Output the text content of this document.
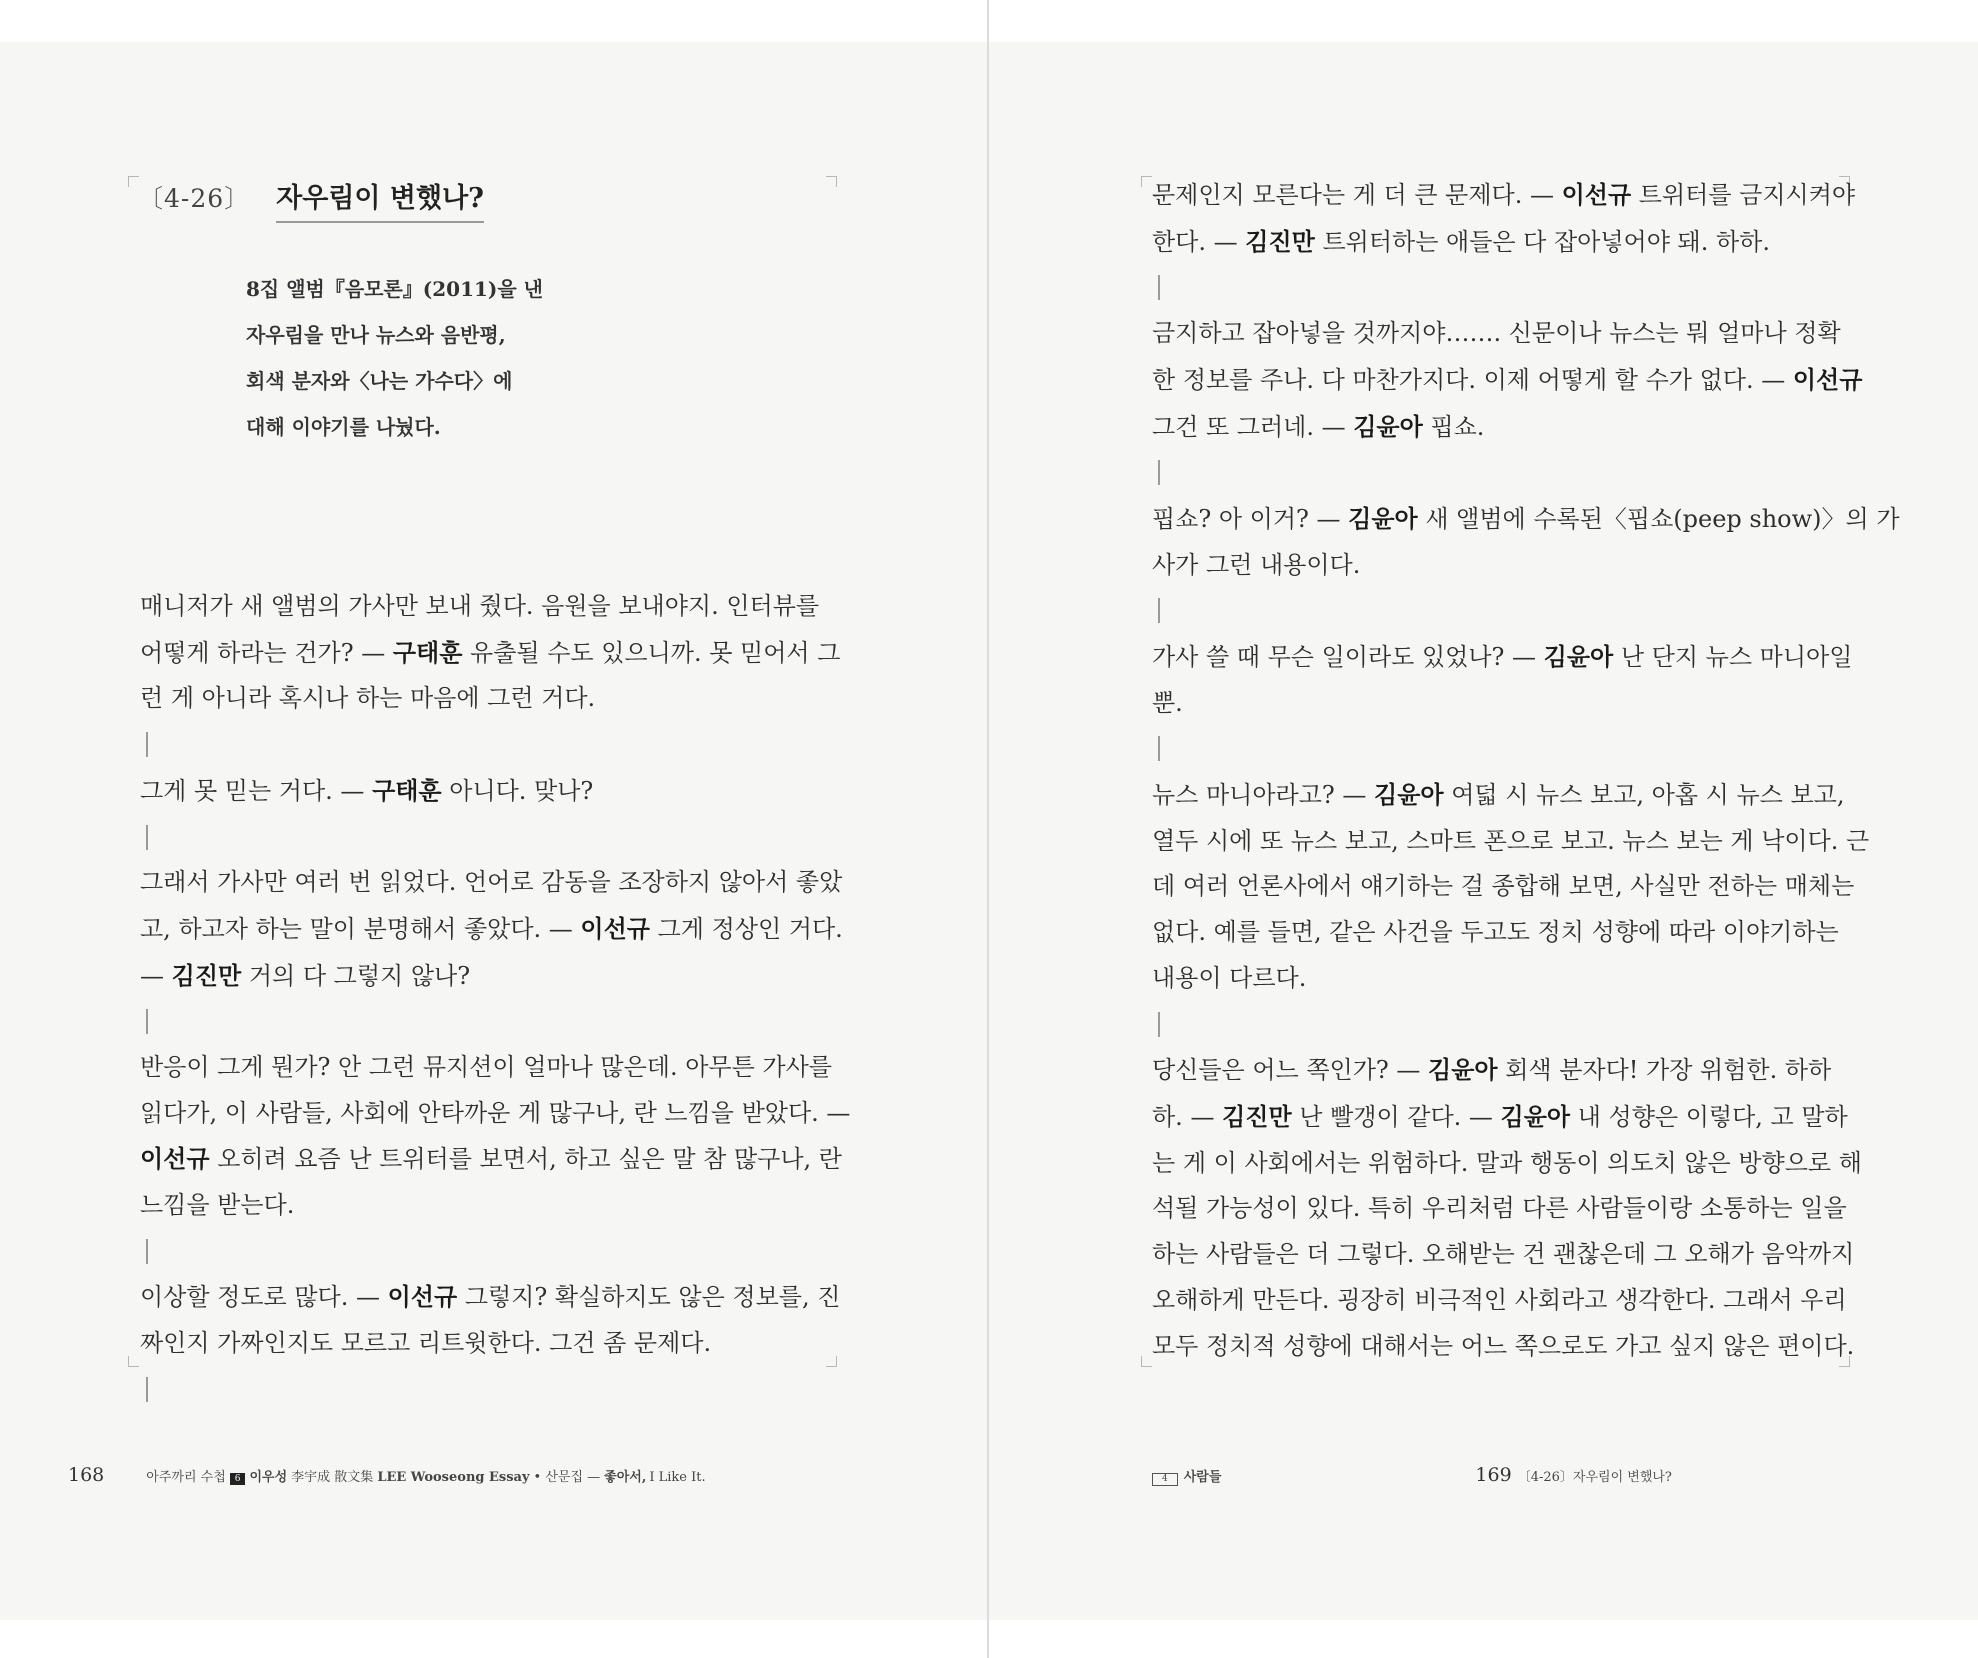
〔4-26〕 자우림이 변했나?
8집 앨범『음모론』(2011)을 낸
자우림을 만나 뉴스와 음반평,
회색 분자와〈나는 가수다〉에
대해 이야기를 나눴다.
매니저가 새 앨범의 가사만 보내 줬다. 음원을 보내야지. 인터뷰를
어떻게 하라는 건가? — 구태훈 유출될 수도 있으니까. 못 믿어서 그
런 게 아니라 혹시나 하는 마음에 그런 거다.
그게 못 믿는 거다. — 구태훈 아니다. 맞나?
그래서 가사만 여러 번 읽었다. 언어로 감동을 조장하지 않아서 좋았
고, 하고자 하는 말이 분명해서 좋았다. — 이선규 그게 정상인 거다.
— 김진만 거의 다 그렇지 않나?
반응이 그게 뭔가? 안 그런 뮤지션이 얼마나 많은데. 아무튼 가사를
읽다가, 이 사람들, 사회에 안타까운 게 많구나, 란 느낌을 받았다. —
이선규 오히려 요즘 난 트위터를 보면서, 하고 싶은 말 참 많구나, 란
느낌을 받는다.
이상할 정도로 많다. — 이선규 그렇지? 확실하지도 않은 정보를, 진
짜인지 가짜인지도 모르고 리트윗한다. 그건 좀 문제다.
168	아주까리 수첩	6 이우성 李宇成 散文集 LEE Wooseong Essay • 산문집 — 좋아서, I Like It.
문제인지 모른다는 게 더 큰 문제다. — 이선규 트위터를 금지시켜야
한다. — 김진만 트위터하는 애들은 다 잡아넣어야 돼. 하하.
금지하고 잡아넣을 것까지야……. 신문이나 뉴스는 뭐 얼마나 정확
한 정보를 주나. 다 마찬가지다. 이제 어떻게 할 수가 없다. — 이선규
그건 또 그러네. — 김윤아 핍쇼.
핍쇼? 아 이거? — 김윤아 새 앨범에 수록된〈핍쇼(peep show)〉의 가
사가 그런 내용이다.
가사 쓸 때 무슨 일이라도 있었나? — 김윤아 난 단지 뉴스 마니아일
뿐.
뉴스 마니아라고? — 김윤아 여덟 시 뉴스 보고, 아홉 시 뉴스 보고,
열두 시에 또 뉴스 보고, 스마트 폰으로 보고. 뉴스 보는 게 낙이다. 근
데 여러 언론사에서 얘기하는 걸 종합해 보면, 사실만 전하는 매체는
없다. 예를 들면, 같은 사건을 두고도 정치 성향에 따라 이야기하는
내용이 다르다.
당신들은 어느 쪽인가? — 김윤아 회색 분자다! 가장 위험한. 하하
하. — 김진만 난 빨갱이 같다. — 김윤아 내 성향은 이렇다, 고 말하
는 게 이 사회에서는 위험하다. 말과 행동이 의도치 않은 방향으로 해
석될 가능성이 있다. 특히 우리처럼 다른 사람들이랑 소통하는 일을
하는 사람들은 더 그렇다. 오해받는 건 괜찮은데 그 오해가 음악까지
오해하게 만든다. 굉장히 비극적인 사회라고 생각한다. 그래서 우리
모두 정치적 성향에 대해서는 어느 쪽으로도 가고 싶지 않은 편이다.
4	사람들	169 〔4-26〕자우림이 변했나?
